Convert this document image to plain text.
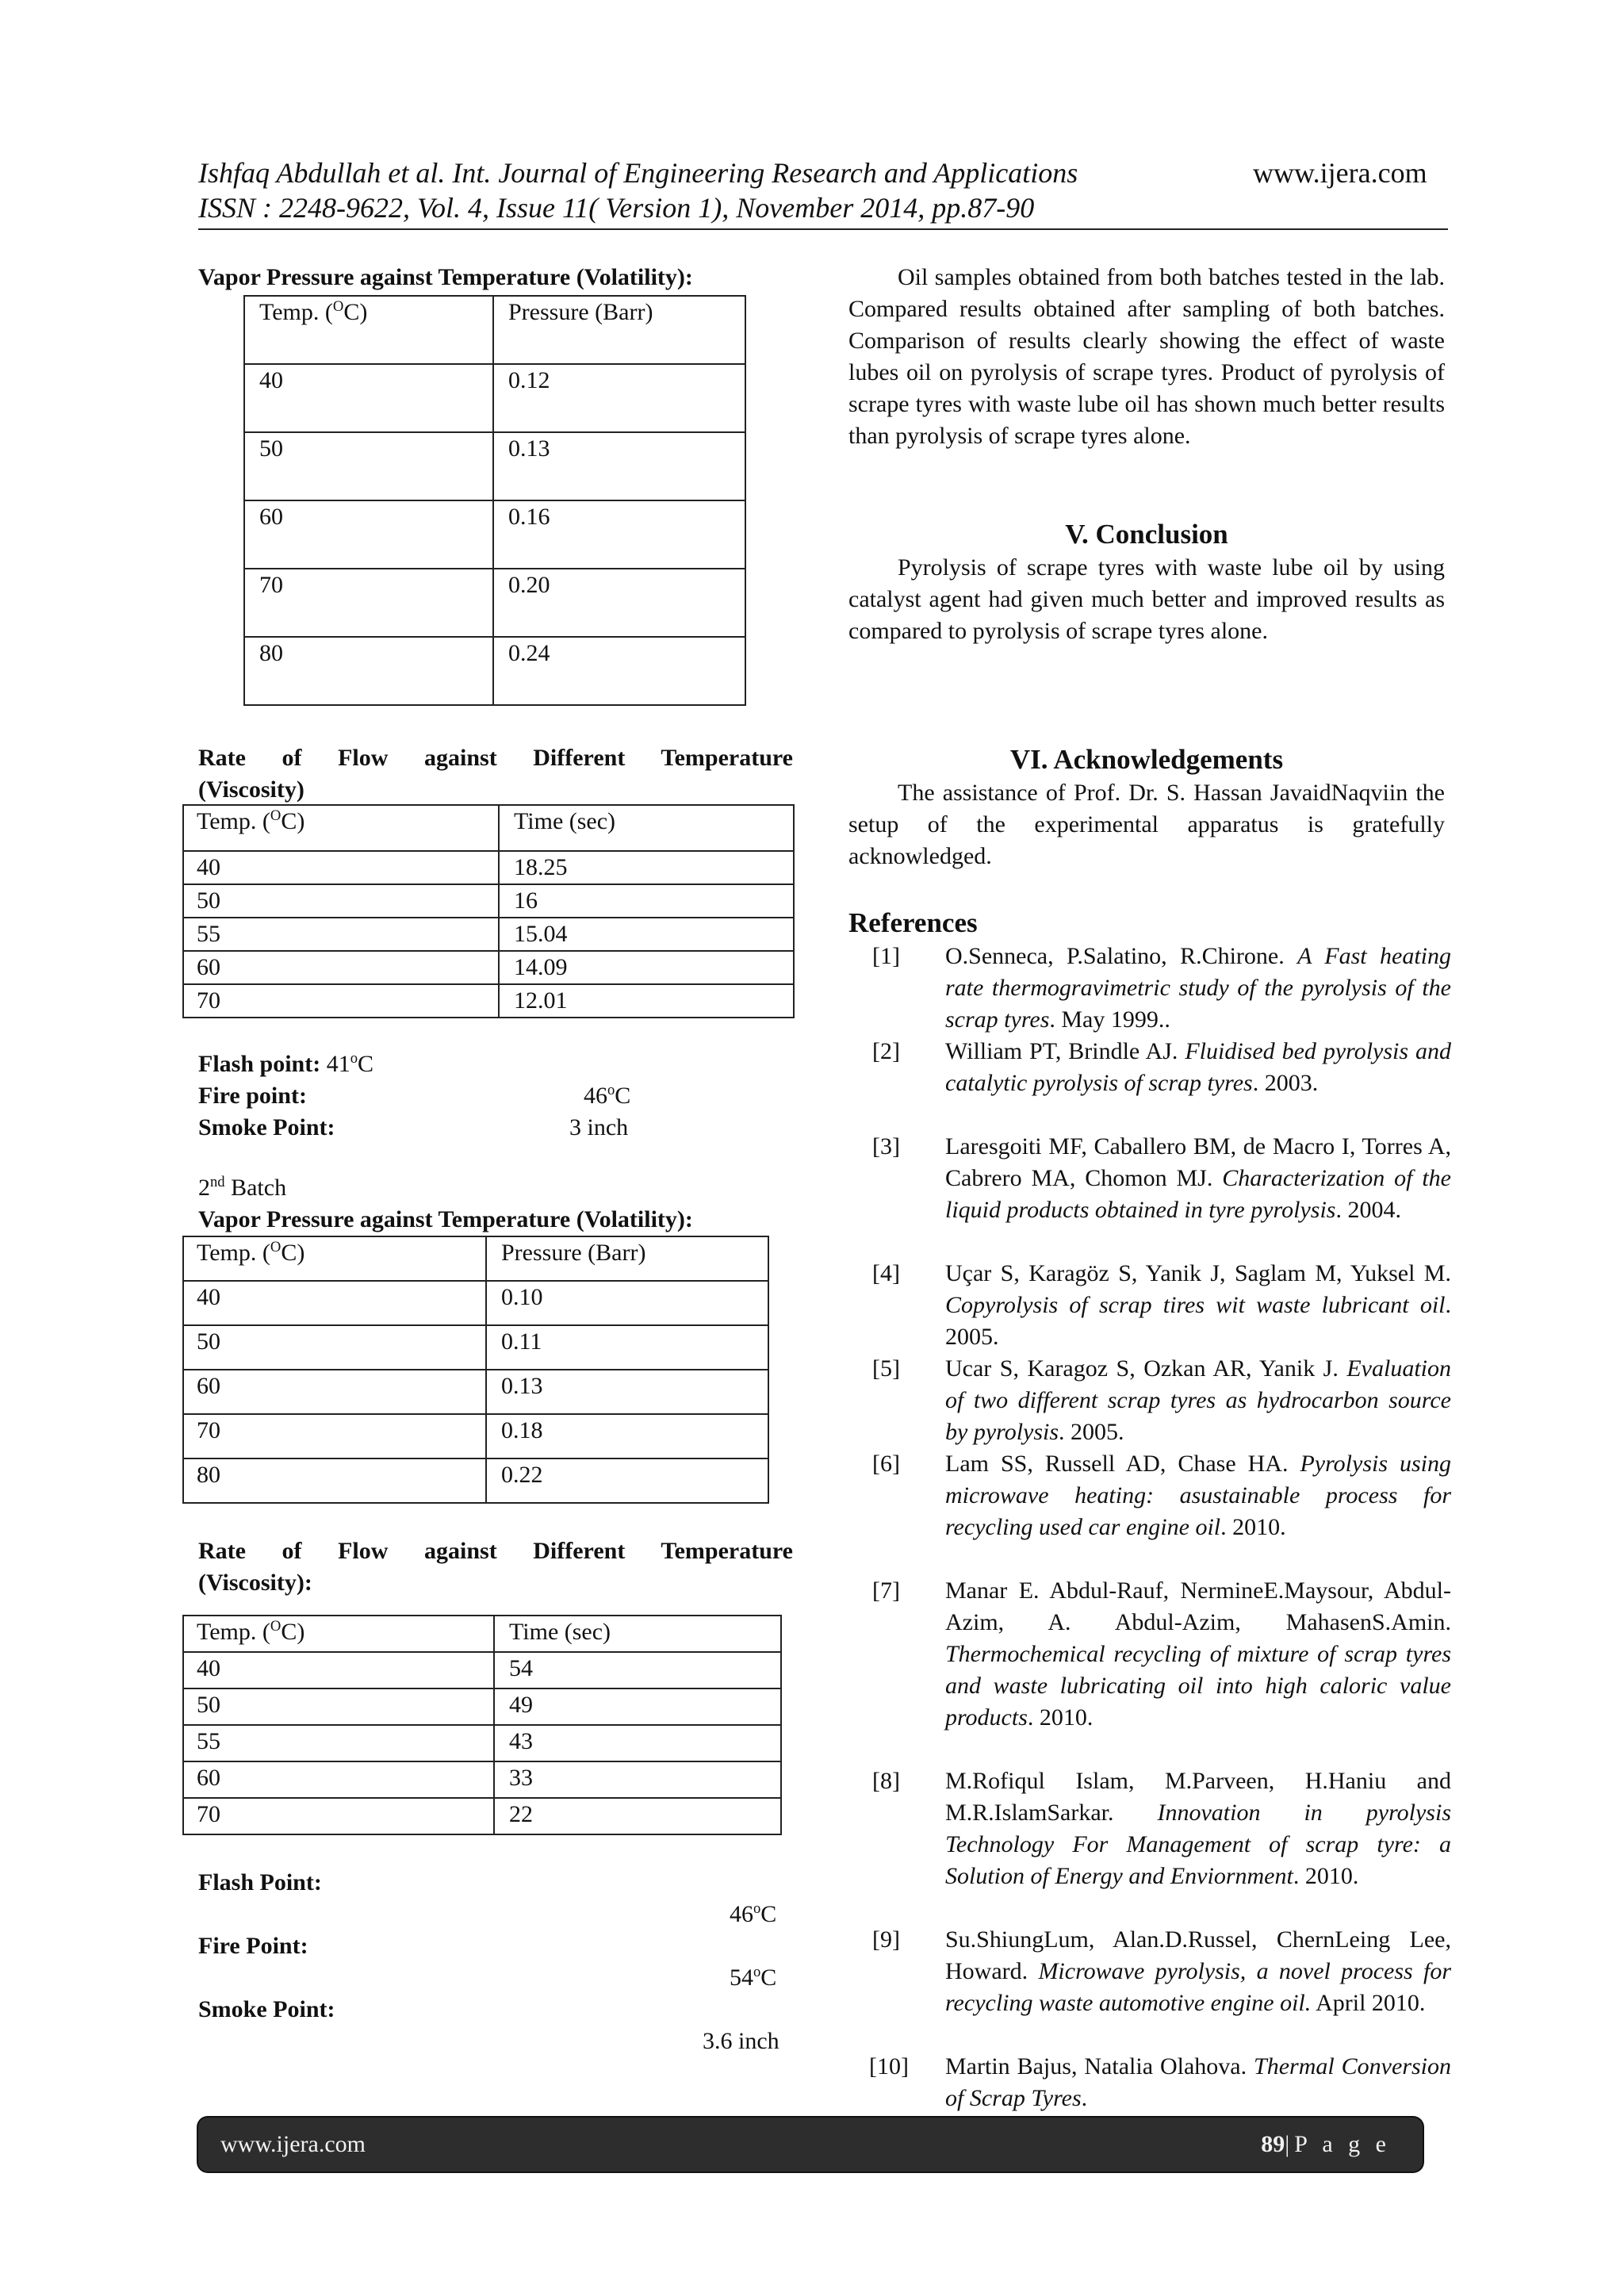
Ishfaq Abdullah et al. Int. Journal of Engineering Research and Applications	www.ijera.com
ISSN : 2248-9622, Vol. 4, Issue 11( Version 1), November 2014, pp.87-90
Vapor Pressure against Temperature (Volatility):
Temp. ($^O$C)	Pressure (Barr)
40	0.12
50	0.13
60	0.16
70	0.20
80	0.24
Rate of Flow against Different Temperature
(Viscosity)
Temp. ($^O$C)	Time (sec)
40	18.25
50	16
55	15.04
60	14.09
70	12.01
Flash point: 41$^o$C
Fire point:	46$^o$C
Smoke Point:	3 inch
2nd Batch
Vapor Pressure against Temperature (Volatility):
Temp. ($^O$C)	Pressure (Barr)
40	0.10
50	0.11
60	0.13
70	0.18
80	0.22
Rate of Flow against Different Temperature
(Viscosity):
Temp. ($^O$C)	Time (sec)
40	54
50	49
55	43
60	33
70	22
Flash Point:
46$^o$C
Fire Point:
54$^o$C
Smoke Point:
3.6 inch
Oil samples obtained from both batches tested in the lab. Compared results obtained after sampling of both batches. Comparison of results clearly showing the effect of waste lubes oil on pyrolysis of scrape tyres. Product of pyrolysis of scrape tyres with waste lube oil has shown much better results than pyrolysis of scrape tyres alone.
V. Conclusion
Pyrolysis of scrape tyres with waste lube oil by using catalyst agent had given much better and improved results as compared to pyrolysis of scrape tyres alone.
VI. Acknowledgements
The assistance of Prof. Dr. S. Hassan JavaidNaqviin the setup of the experimental apparatus is gratefully acknowledged.
References
[1] O.Senneca, P.Salatino, R.Chirone. A Fast heating rate thermogravimetric study of the pyrolysis of the scrap tyres. May 1999..
[2] William PT, Brindle AJ. Fluidised bed pyrolysis and catalytic pyrolysis of scrap tyres. 2003.
[3] Laresgoiti MF, Caballero BM, de Macro I, Torres A, Cabrero MA, Chomon MJ. Characterization of the liquid products obtained in tyre pyrolysis. 2004.
[4] Uçar S, Karagöz S, Yanik J, Saglam M, Yuksel M. Copyrolysis of scrap tires wit waste lubricant oil. 2005.
[5] Ucar S, Karagoz S, Ozkan AR, Yanik J. Evaluation of two different scrap tyres as hydrocarbon source by pyrolysis. 2005.
[6] Lam SS, Russell AD, Chase HA. Pyrolysis using microwave heating: asustainable process for recycling used car engine oil. 2010.
[7] Manar E. Abdul-Rauf, NermineE.Maysour, Abdul-Azim, A. Abdul-Azim, MahasenS.Amin. Thermochemical recycling of mixture of scrap tyres and waste lubricating oil into high caloric value products. 2010.
[8] M.Rofiqul Islam, M.Parveen, H.Haniu and M.R.IslamSarkar. Innovation in pyrolysis Technology For Management of scrap tyre: a Solution of Energy and Enviornment. 2010.
[9] Su.ShiungLum, Alan.D.Russel, ChernLeing Lee, Howard. Microwave pyrolysis, a novel process for recycling waste automotive engine oil. April 2010.
[10] Martin Bajus, Natalia Olahova. Thermal Conversion of Scrap Tyres.
www.ijera.com	89|P a g e
